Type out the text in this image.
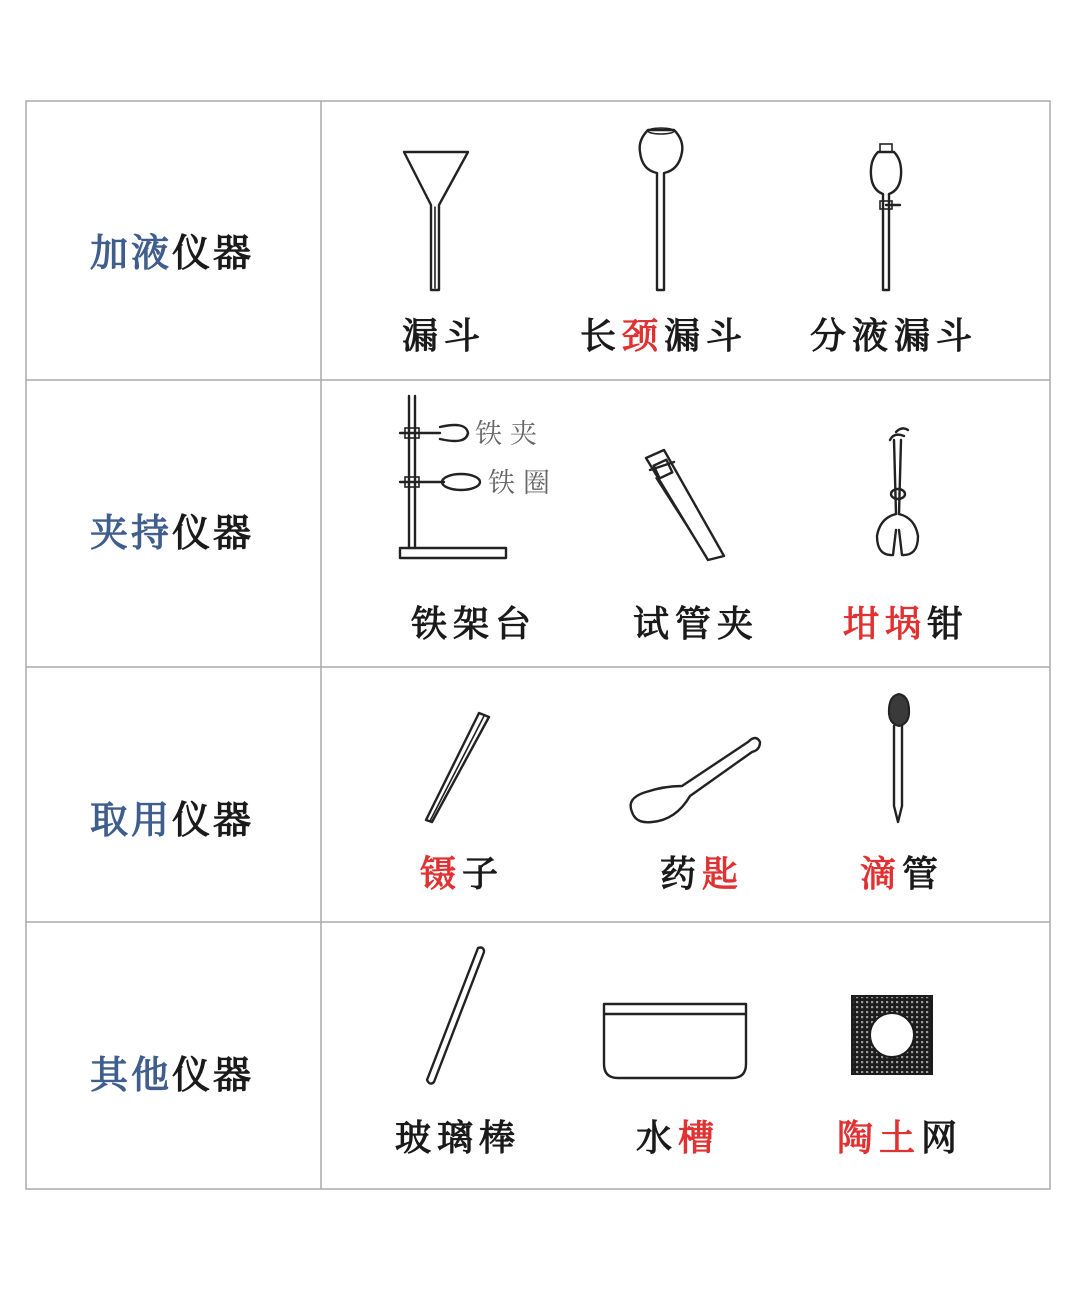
加液仪器
漏斗	长颈漏斗 分液漏斗
夹持仪器
铁夹
铁圈
铁架台	试管夹 坩埚钳
取用仪器
镊子	药匙	滴管
其他仪器
玻璃棒	水槽	陶土网
